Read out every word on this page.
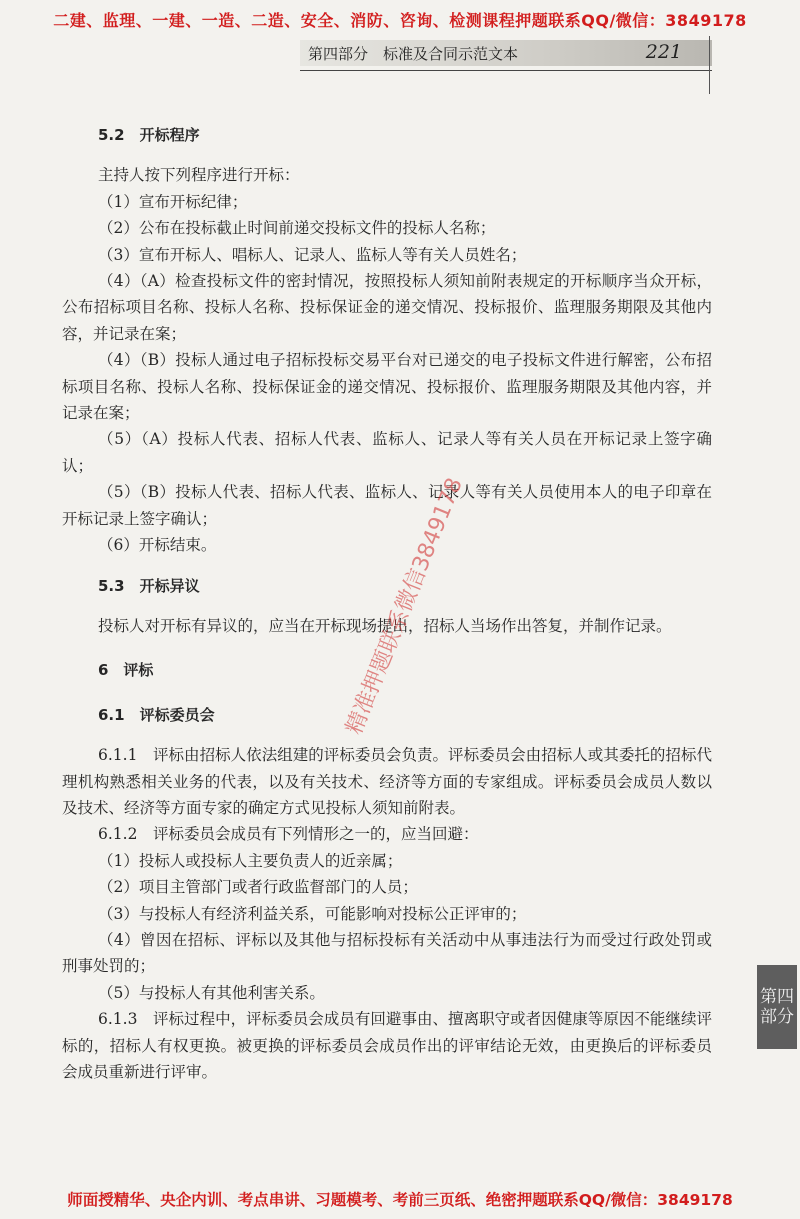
二建、监理、一建、一造、二造、安全、消防、咨询、检测课程押题联系QQ/微信：3849178
第四部分　标准及合同示范文本	221

5.2　开标程序

主持人按下列程序进行开标：

（1）宣布开标纪律；

（2）公布在投标截止时间前递交投标文件的投标人名称；

（3）宣布开标人、唱标人、记录人、监标人等有关人员姓名；

（4）（A）检查投标文件的密封情况，按照投标人须知前附表规定的开标顺序当众开标，公布招标项目名称、投标人名称、投标保证金的递交情况、投标报价、监理服务期限及其他内容，并记录在案；

（4）（B）投标人通过电子招标投标交易平台对已递交的电子投标文件进行解密，公布招标项目名称、投标人名称、投标保证金的递交情况、投标报价、监理服务期限及其他内容，并记录在案；

（5）（A）投标人代表、招标人代表、监标人、记录人等有关人员在开标记录上签字确认；

（5）（B）投标人代表、招标人代表、监标人、记录人等有关人员使用本人的电子印章在开标记录上签字确认；

（6）开标结束。

5.3　开标异议

投标人对开标有异议的，应当在开标现场提出，招标人当场作出答复，并制作记录。

6　评标

6.1　评标委员会

6.1.1　评标由招标人依法组建的评标委员会负责。评标委员会由招标人或其委托的招标代理机构熟悉相关业务的代表，以及有关技术、经济等方面的专家组成。评标委员会成员人数以及技术、经济等方面专家的确定方式见投标人须知前附表。

6.1.2　评标委员会成员有下列情形之一的，应当回避：

（1）投标人或投标人主要负责人的近亲属；

（2）项目主管部门或者行政监督部门的人员；

（3）与投标人有经济利益关系，可能影响对投标公正评审的；

（4）曾因在招标、评标以及其他与招标投标有关活动中从事违法行为而受过行政处罚或刑事处罚的；

（5）与投标人有其他利害关系。

6.1.3　评标过程中，评标委员会成员有回避事由、擅离职守或者因健康等原因不能继续评标的，招标人有权更换。被更换的评标委员会成员作出的评审结论无效，由更换后的评标委员会成员重新进行评审。

第四
部分
精准押题联系微信3849178
师面授精华、央企内训、考点串讲、习题模考、考前三页纸、绝密押题联系QQ/微信：3849178
